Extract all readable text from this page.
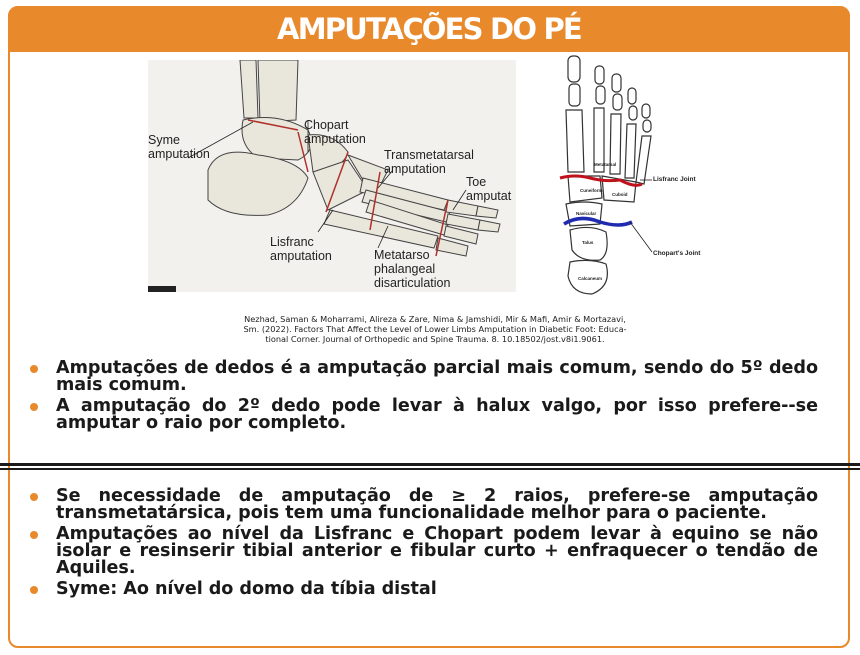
AMPUTAÇÕES DO PÉ
Syme
amputation
Chopart
amputation
Transmetatarsal
amputation
Toe
amputat
Lisfranc
amputation	Metatarso
phalangeal
disarticulation
Lisfranc Joint
Chopart's Joint
Metatarsal
Cuneiform
Cuboid
Navicular
Talus
Calcaneum
Nezhad, Saman & Moharrami, Alireza & Zare, Nima & Jamshidi, Mir & Mafi, Amir & Mortazavi,
Sm. (2022). Factors That Affect the Level of Lower Limbs Amputation in Diabetic Foot: Educa-
tional Corner. Journal of Orthopedic and Spine Trauma. 8. 10.18502/jost.v8i1.9061.
Amputações de dedos é a amputação parcial mais comum, sendo do 5º dedo mais comum.
A amputação do 2º dedo pode levar à halux valgo, por isso prefere--se amputar o raio por completo.
Se necessidade de amputação de ≥ 2 raios, prefere-se amputação transmetatársica, pois tem uma funcionalidade melhor para o paciente.
Amputações ao nível da Lisfranc e Chopart podem levar à equino se não isolar e resinserir tibial anterior e fibular curto + enfraquecer o tendão de Aquiles.
Syme: Ao nível do domo da tíbia distal
